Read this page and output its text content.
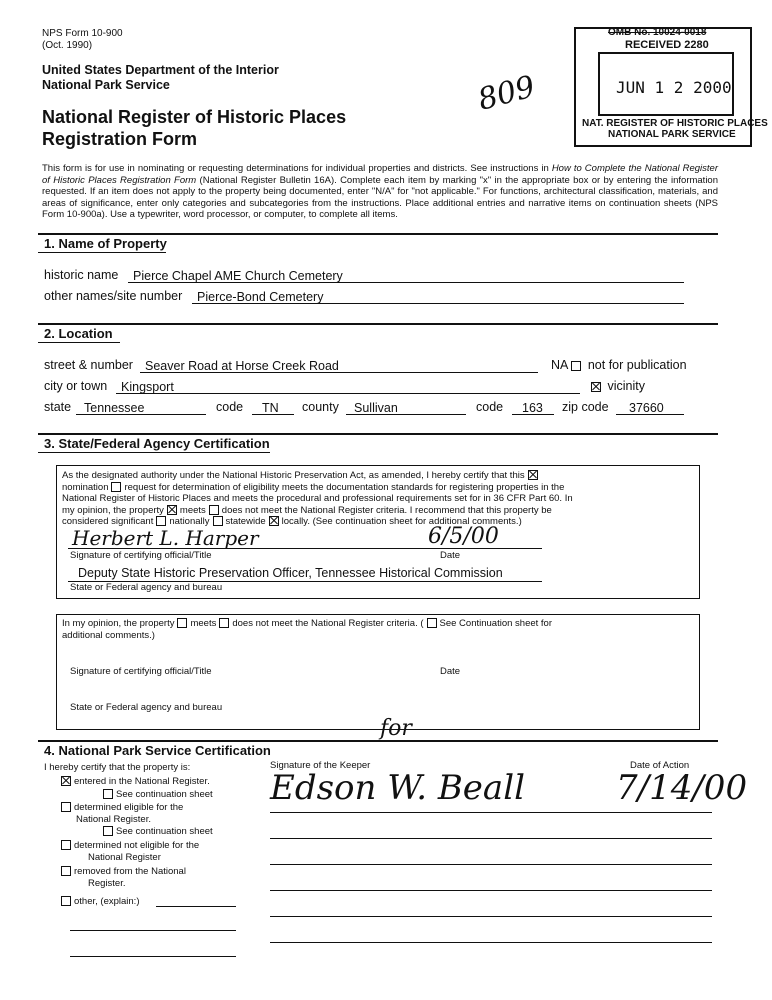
NPS Form 10-900
(Oct. 1990)
United States Department of the Interior
National Park Service
National Register of Historic Places
Registration Form
809
OMB No. 10024-0018
RECEIVED 2280
JUN 1 2 2000
NAT. REGISTER OF HISTORIC PLACES
NATIONAL PARK SERVICE
This form is for use in nominating or requesting determinations for individual properties and districts. See instructions in How to Complete the National Register of Historic Places Registration Form (National Register Bulletin 16A). Complete each item by marking "x" in the appropriate box or by entering the information requested. If an item does not apply to the property being documented, enter "N/A" for "not applicable." For functions, architectural classification, materials, and areas of significance, enter only categories and subcategories from the instructions. Place additional entries and narrative items on continuation sheets (NPS Form 10-900a). Use a typewriter, word processor, or computer, to complete all items.
1. Name of Property
historic name	Pierce Chapel AME Church Cemetery
other names/site number	Pierce-Bond Cemetery
2. Location
street & number Seaver Road at Horse Creek Road	NA not for publication
city or town	Kingsport	vicinity
state	Tennessee	code	TN	county	Sullivan	code	163	zip code	37660
3. State/Federal Agency Certification
As the designated authority under the National Historic Preservation Act, as amended, I hereby certify that this
nomination request for determination of eligibility meets the documentation standards for registering properties in the
National Register of Historic Places and meets the procedural and professional requirements set for in 36 CFR Part 60. In
my opinion, the property meets does not meet the National Register criteria. I recommend that this property be
considered significant nationally statewide locally. (See continuation sheet for additional comments.)
Herbert L. Harper	6/5/00
Signature of certifying official/Title	Date
Deputy State Historic Preservation Officer, Tennessee Historical Commission
State or Federal agency and bureau
In my opinion, the property meets does not meet the National Register criteria. ( See Continuation sheet for
additional comments.)
Signature of certifying official/Title	Date
State or Federal agency and bureau
4. National Park Service Certification
I hereby certify that the property is:	Signature of the Keeper	Date of Action
for
Edson W. Beall	7/14/00
entered in the National Register.
See continuation sheet
determined eligible for the
National Register.
See continuation sheet
determined not eligible for the
National Register
removed from the National
Register.
other, (explain:)
